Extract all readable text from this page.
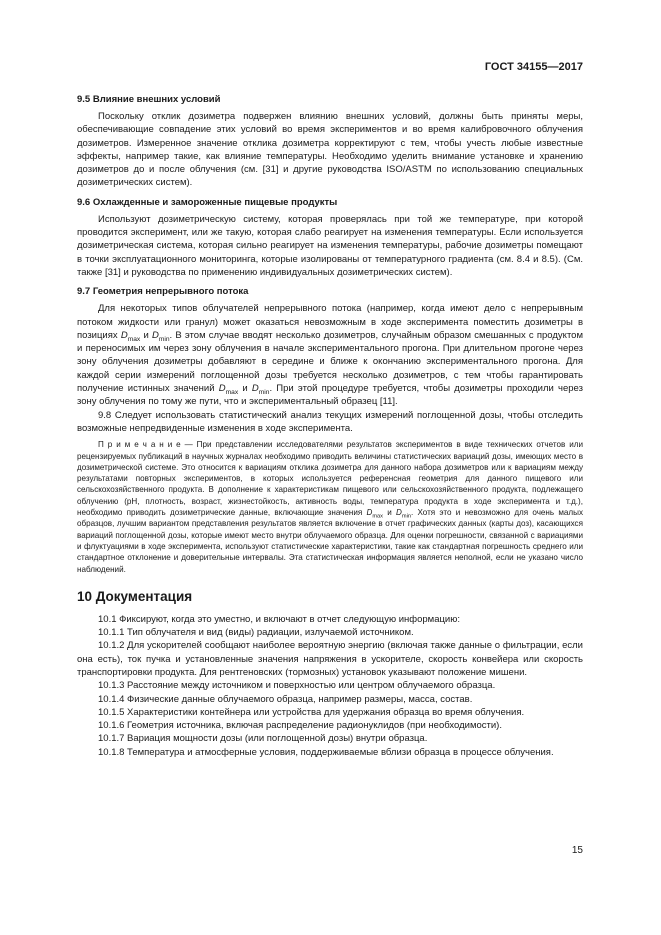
ГОСТ 34155—2017
9.5 Влияние внешних условий

Поскольку отклик дозиметра подвержен влиянию внешних условий, должны быть приняты меры, обеспечивающие совпадение этих условий во время экспериментов и во время калибровочного облучения дозиметров. Измеренное значение отклика дозиметра корректируют с тем, чтобы учесть любые известные эффекты, например такие, как влияние температуры. Необходимо уделить внимание установке и хранению дозиметров до и после облучения (см. [31] и другие руководства ISO/ASTM по использованию специальных дозиметрических систем).

9.6 Охлажденные и замороженные пищевые продукты

Используют дозиметрическую систему, которая проверялась при той же температуре, при которой проводится эксперимент, или же такую, которая слабо реагирует на изменения температуры. Если используется дозиметрическая система, которая сильно реагирует на изменения температуры, рабочие дозиметры помещают в точки эксплуатационного мониторинга, которые изолированы от температурного градиента (см. 8.4 и 8.5). (См. также [31] и руководства по применению индивидуальных дозиметрических систем).

9.7 Геометрия непрерывного потока

Для некоторых типов облучателей непрерывного потока (например, когда имеют дело с непрерывным потоком жидкости или гранул) может оказаться невозможным в ходе эксперимента поместить дозиметры в позициях $D_{max}$ и $D_{min}$. В этом случае вводят несколько дозиметров, случайным образом смешанных с продуктом и переносимых им через зону облучения в начале экспериментального прогона. При длительном прогоне через зону облучения дозиметры добавляют в середине и ближе к окончанию экспериментального прогона. Для каждой серии измерений поглощенной дозы требуется несколько дозиметров, с тем чтобы гарантировать получение истинных значений $D_{max}$ и $D_{min}$. При этой процедуре требуется, чтобы дозиметры проходили через зону облучения по тому же пути, что и экспериментальный образец [11].

9.8 Следует использовать статистический анализ текущих измерений поглощенной дозы, чтобы отследить возможные непредвиденные изменения в ходе эксперимента.

П р и м е ч а н и е — При представлении исследователями результатов экспериментов в виде технических отчетов или рецензируемых публикаций в научных журналах необходимо приводить величины статистических вариаций дозы, имеющих место в дозиметрической системе. Это относится к вариациям отклика дозиметра для данного набора дозиметров или к вариациям между результатами повторных экспериментов, в которых используется референсная геометрия для данного пищевого или сельскохозяйственного продукта. В дополнение к характеристикам пищевого или сельскохозяйственного продукта, подлежащего облучению (pH, плотность, возраст, жизнестойкость, активность воды, температура продукта в ходе эксперимента и т.д.), необходимо приводить дозиметрические данные, включающие значения $D_{max}$ и $D_{min}$. Хотя это и невозможно для очень малых образцов, лучшим вариантом представления результатов является включение в отчет графических данных (карты доз), касающихся вариаций поглощенной дозы, которые имеют место внутри облучаемого образца. Для оценки погрешности, связанной с вариациями и флуктуациями в ходе эксперимента, используют статистические характеристики, такие как стандартная погрешность среднего или стандартное отклонение и доверительные интервалы. Эта статистическая информация является неполной, если не указано число наблюдений.

10 Документация

10.1 Фиксируют, когда это уместно, и включают в отчет следующую информацию:

10.1.1 Тип облучателя и вид (виды) радиации, излучаемой источником.

10.1.2 Для ускорителей сообщают наиболее вероятную энергию (включая также данные о фильтрации, если она есть), ток пучка и установленные значения напряжения в ускорителе, скорость конвейера или скорость транспортировки продукта. Для рентгеновских (тормозных) установок указывают положение мишени.

10.1.3 Расстояние между источником и поверхностью или центром облучаемого образца.

10.1.4 Физические данные облучаемого образца, например размеры, масса, состав.

10.1.5 Характеристики контейнера или устройства для удержания образца во время облучения.

10.1.6 Геометрия источника, включая распределение радионуклидов (при необходимости).

10.1.7 Вариация мощности дозы (или поглощенной дозы) внутри образца.

10.1.8 Температура и атмосферные условия, поддерживаемые вблизи образца в процессе облучения.

15
